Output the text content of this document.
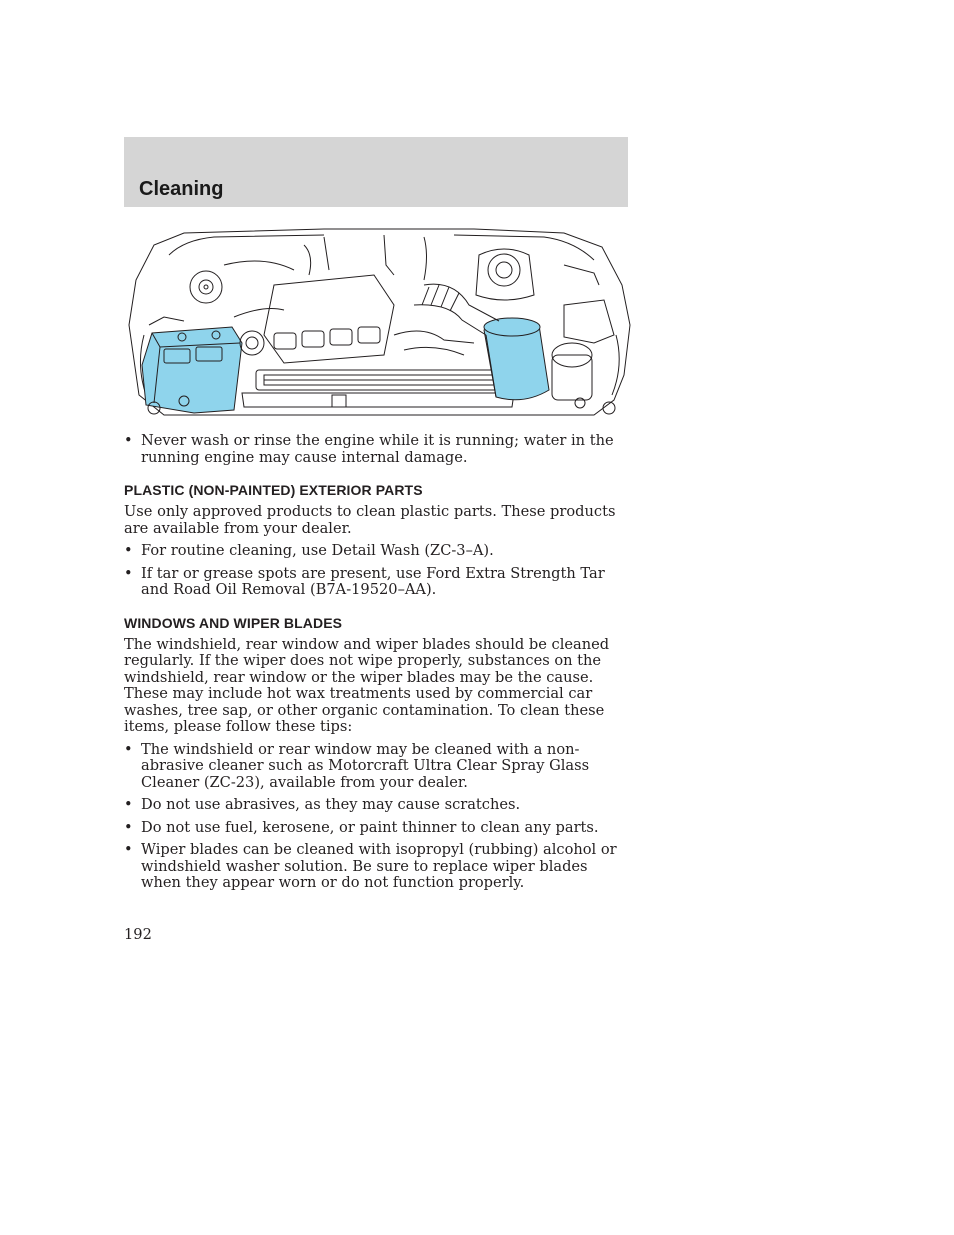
Cleaning
• Never wash or rinse the engine while it is running; water in the running engine may cause internal damage.
PLASTIC (NON-PAINTED) EXTERIOR PARTS

Use only approved products to clean plastic parts. These products are available from your dealer.

• For routine cleaning, use Detail Wash (ZC-3–A).
• If tar or grease spots are present, use Ford Extra Strength Tar and Road Oil Removal (B7A-19520–AA).
WINDOWS AND WIPER BLADES

The windshield, rear window and wiper blades should be cleaned regularly. If the wiper does not wipe properly, substances on the windshield, rear window or the wiper blades may be the cause. These may include hot wax treatments used by commercial car washes, tree sap, or other organic contamination. To clean these items, please follow these tips:

• The windshield or rear window may be cleaned with a non-abrasive cleaner such as Motorcraft Ultra Clear Spray Glass Cleaner (ZC-23), available from your dealer.
• Do not use abrasives, as they may cause scratches.
• Do not use fuel, kerosene, or paint thinner to clean any parts.
• Wiper blades can be cleaned with isopropyl (rubbing) alcohol or windshield washer solution. Be sure to replace wiper blades when they appear worn or do not function properly.
192
